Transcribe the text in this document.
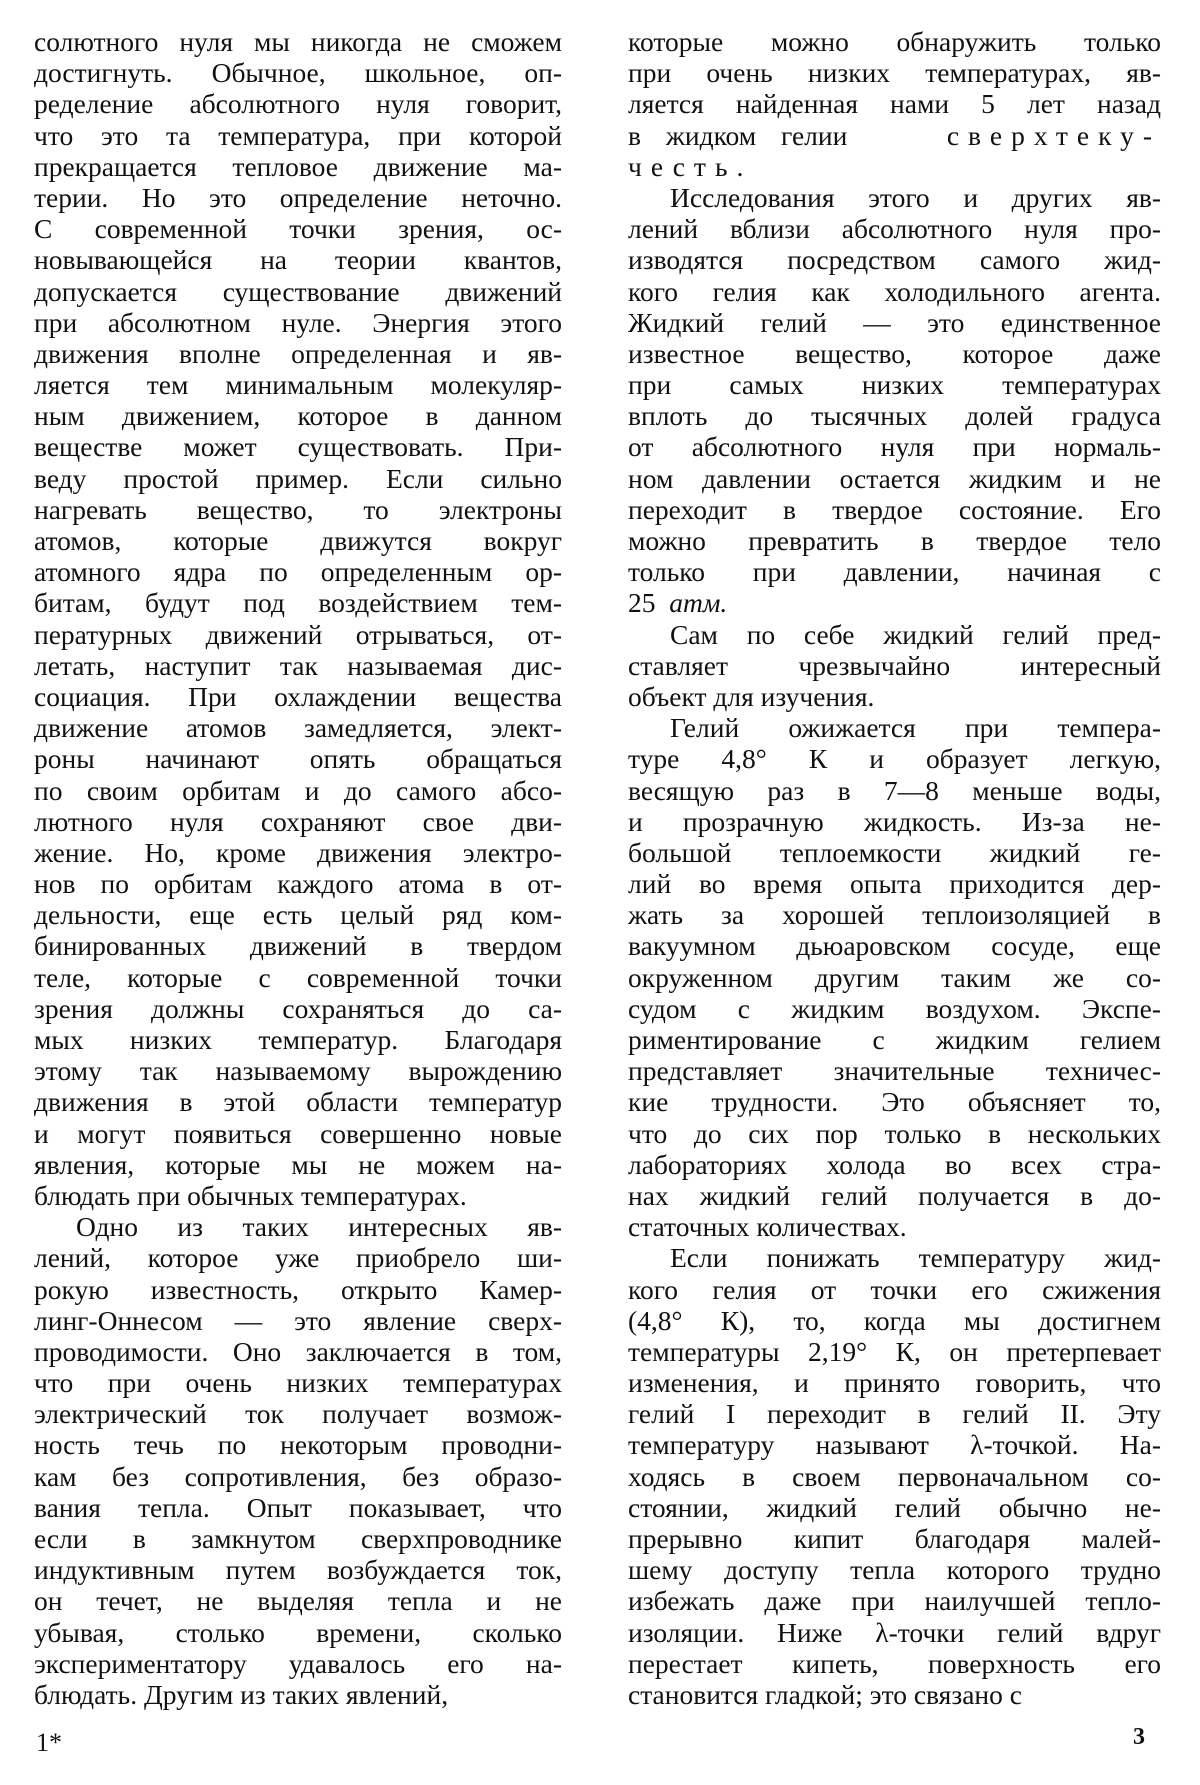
солютного нуля мы никогда не сможем
достигнуть. Обычное, школьное, оп-
ределение абсолютного нуля говорит,
что это та температура, при которой
прекращается тепловое движение ма-
терии. Но это определение неточно.
С современной точки зрения, ос-
новывающейся на теории квантов,
допускается существование движений
при абсолютном нуле. Энергия этого
движения вполне определенная и яв-
ляется тем минимальным молекуляр-
ным движением, которое в данном
веществе может существовать. При-
веду простой пример. Если сильно
нагревать вещество, то электроны
атомов, которые движутся вокруг
атомного ядра по определенным ор-
битам, будут под воздействием тем-
пературных движений отрываться, от-
летать, наступит так называемая дис-
социация. При охлаждении вещества
движение атомов замедляется, элект-
роны начинают опять обращаться
по своим орбитам и до самого абсо-
лютного нуля сохраняют свое дви-
жение. Но, кроме движения электро-
нов по орбитам каждого атома в от-
дельности, еще есть целый ряд ком-
бинированных движений в твердом
теле, которые с современной точки
зрения должны сохраняться до са-
мых низких температур. Благодаря
этому так называемому вырождению
движения в этой области температур
и могут появиться совершенно новые
явления, которые мы не можем на-
блюдать при обычных температурах.
Одно из таких интересных яв-
лений, которое уже приобрело ши-
рокую известность, открыто Камер-
линг-Оннесом — это явление сверх-
проводимости. Оно заключается в том,
что при очень низких температурах
электрический ток получает возмож-
ность течь по некоторым проводни-
кам без сопротивления, без образо-
вания тепла. Опыт показывает, что
если в замкнутом сверхпроводнике
индуктивным путем возбуждается ток,
он течет, не выделяя тепла и не
убывая, столько времени, сколько
экспериментатору удавалось его на-
блюдать. Другим из таких явлений,
которые можно обнаружить только
при очень низких температурах, яв-
ляется найденная нами 5 лет назад
в жидком гелии	сверхтеку-
честь.
Исследования этого и других яв-
лений вблизи абсолютного нуля про-
изводятся посредством самого жид-
кого гелия как холодильного агента.
Жидкий гелий — это единственное
известное вещество, которое даже
при самых низких температурах
вплоть до тысячных долей градуса
от абсолютного нуля при нормаль-
ном давлении остается жидким и не
переходит в твердое состояние. Его
можно превратить в твердое тело
только при давлении, начиная с
25 атм.
Сам по себе жидкий гелий пред-
ставляет чрезвычайно интересный
объект для изучения.
Гелий ожижается при темпера-
туре 4,8° К и образует легкую,
весящую раз в 7—8 меньше воды,
и прозрачную жидкость. Из-за не-
большой теплоемкости жидкий ге-
лий во время опыта приходится дер-
жать за хорошей теплоизоляцией в
вакуумном дьюаровском сосуде, еще
окруженном другим таким же со-
судом с жидким воздухом. Экспе-
риментирование с жидким гелием
представляет значительные техничес-
кие трудности. Это объясняет то,
что до сих пор только в нескольких
лабораториях холода во всех стра-
нах жидкий гелий получается в до-
статочных количествах.
Если понижать температуру жид-
кого гелия от точки его сжижения
(4,8° К), то, когда мы достигнем
температуры 2,19° К, он претерпевает
изменения, и принято говорить, что
гелий I переходит в гелий II. Эту
температуру называют λ-точкой. На-
ходясь в своем первоначальном со-
стоянии, жидкий гелий обычно не-
прерывно кипит благодаря малей-
шему доступу тепла которого трудно
избежать даже при наилучшей тепло-
изоляции. Ниже λ-точки гелий вдруг
перестает кипеть, поверхность его
становится гладкой; это связано с
1*	3
